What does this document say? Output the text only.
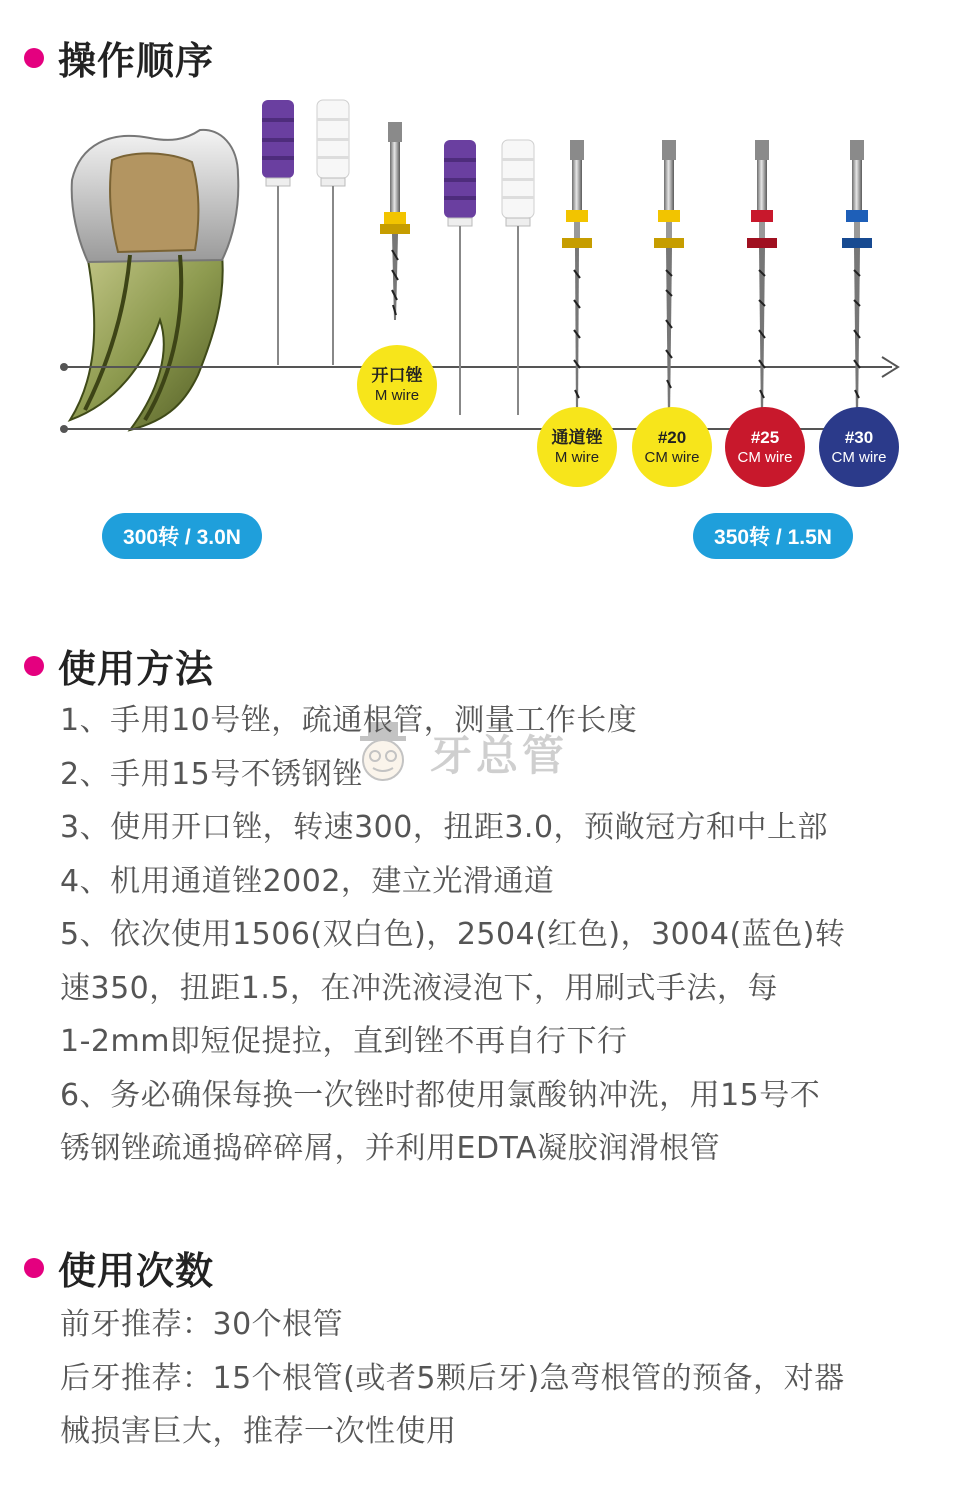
操作顺序
开口锉
M wire
通道锉
M wire
#20
CM wire
#25
CM wire
#30
CM wire
300转 / 3.0N	350转 / 1.5N
使用方法
1、手用10号锉，疏通根管，测量工作长度
2、手用15号不锈钢锉
3、使用开口锉，转速300，扭距3.0，预敞冠方和中上部
4、机用通道锉2002，建立光滑通道
5、依次使用1506(双白色)，2504(红色)，3004(蓝色)转
速350，扭距1.5，在冲洗液浸泡下，用刷式手法，每
1-2mm即短促提拉，直到锉不再自行下行
6、务必确保每换一次锉时都使用氯酸钠冲洗，用15号不
锈钢锉疏通捣碎碎屑，并利用EDTA凝胶润滑根管
牙总管
使用次数
前牙推荐：30个根管
后牙推荐：15个根管(或者5颗后牙)急弯根管的预备，对器
械损害巨大，推荐一次性使用
